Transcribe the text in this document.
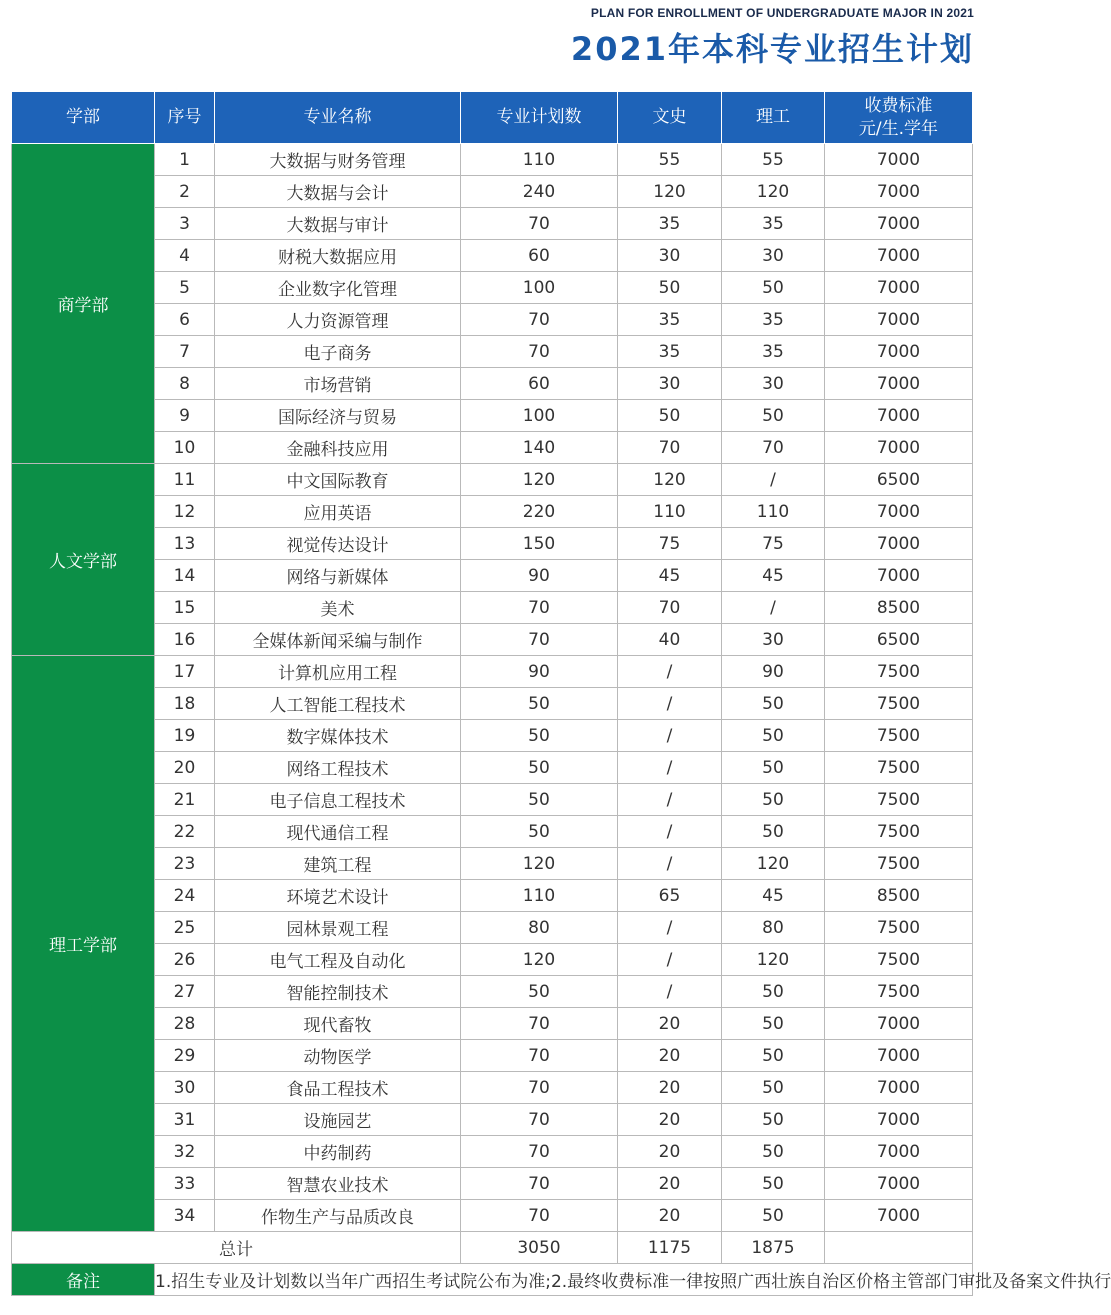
PLAN FOR ENROLLMENT OF UNDERGRADUATE MAJOR IN 2021
2021年本科专业招生计划
学部	序号	专业名称	专业计划数	文史	理工	收费标准
元/生.学年

商学部	1	大数据与财务管理	110	55	55	7000
	2	大数据与会计	240	120	120	7000
	3	大数据与审计	70	35	35	7000
	4	财税大数据应用	60	30	30	7000
	5	企业数字化管理	100	50	50	7000
	6	人力资源管理	70	35	35	7000
	7	电子商务	70	35	35	7000
	8	市场营销	60	30	30	7000
	9	国际经济与贸易	100	50	50	7000
	10	金融科技应用	140	70	70	7000
人文学部	11	中文国际教育	120	120	/	6500
	12	应用英语	220	110	110	7000
	13	视觉传达设计	150	75	75	7000
	14	网络与新媒体	90	45	45	7000
	15	美术	70	70	/	8500
	16	全媒体新闻采编与制作	70	40	30	6500
理工学部	17	计算机应用工程	90	/	90	7500
	18	人工智能工程技术	50	/	50	7500
	19	数字媒体技术	50	/	50	7500
	20	网络工程技术	50	/	50	7500
	21	电子信息工程技术	50	/	50	7500
	22	现代通信工程	50	/	50	7500
	23	建筑工程	120	/	120	7500
	24	环境艺术设计	110	65	45	8500
	25	园林景观工程	80	/	80	7500
	26	电气工程及自动化	120	/	120	7500
	27	智能控制技术	50	/	50	7500
	28	现代畜牧	70	20	50	7000
	29	动物医学	70	20	50	7000
	30	食品工程技术	70	20	50	7000
	31	设施园艺	70	20	50	7000
	32	中药制药	70	20	50	7000
	33	智慧农业技术	70	20	50	7000
	34	作物生产与品质改良	70	20	50	7000
总计			3050	1175	1875	
备注	1.招生专业及计划数以当年广西招生考试院公布为准;2.最终收费标准一律按照广西壮族自治区价格主管部门审批及备案文件执行					
